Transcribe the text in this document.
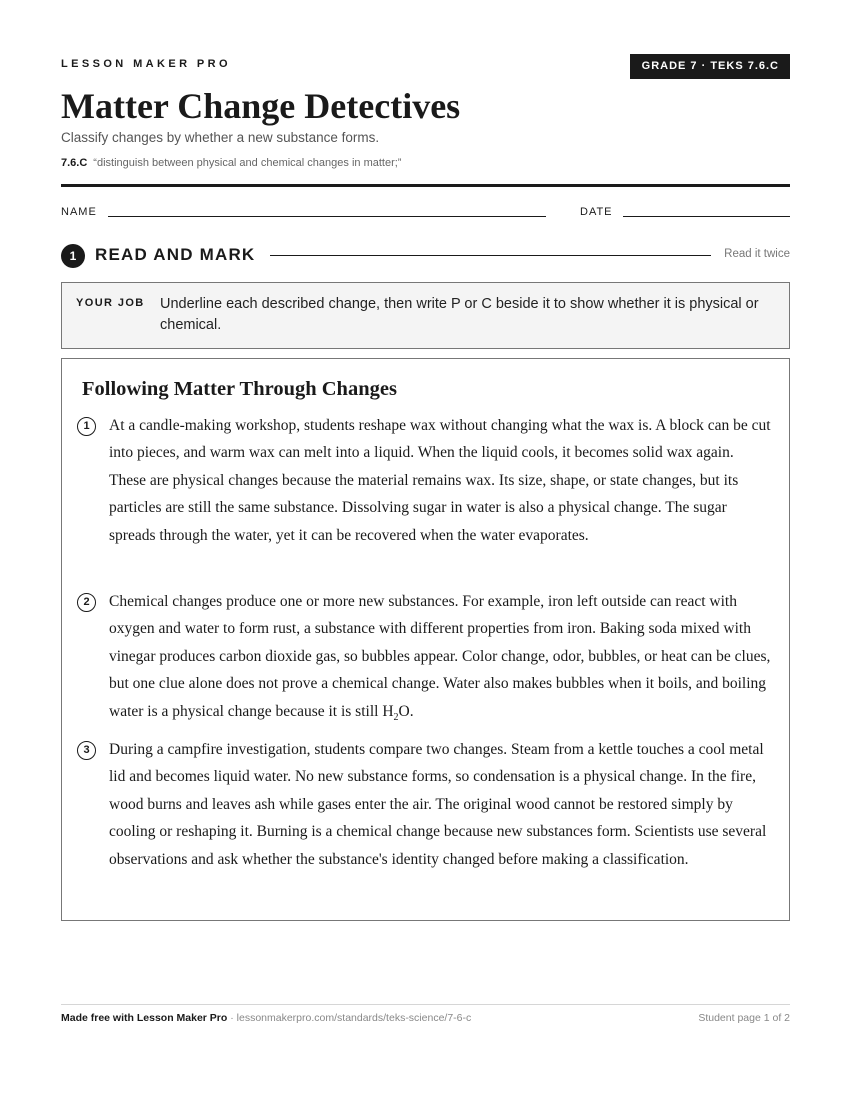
LESSON MAKER PRO	GRADE 7 · TEKS 7.6.C
Matter Change Detectives
Classify changes by whether a new substance forms.
7.6.C “distinguish between physical and chemical changes in matter;”
NAME	DATE
1	READ AND MARK	Read it twice
YOUR JOB Underline each described change, then write P or C beside it to show whether it is physical or chemical.
Following Matter Through Changes
1	At a candle-making workshop, students reshape wax without changing what the wax is. A block can be cut into pieces, and warm wax can melt into a liquid. When the liquid cools, it becomes solid wax again. These are physical changes because the material remains wax. Its size, shape, or state changes, but its particles are still the same substance. Dissolving sugar in water is also a physical change. The sugar spreads through the water, yet it can be recovered when the water evaporates.

2	Chemical changes produce one or more new substances. For example, iron left outside can react with oxygen and water to form rust, a substance with different properties from iron. Baking soda mixed with vinegar produces carbon dioxide gas, so bubbles appear. Color change, odor, bubbles, or heat can be clues, but one clue alone does not prove a chemical change. Water also makes bubbles when it boils, and boiling water is a physical change because it is still $H_2O$.

3	During a campfire investigation, students compare two changes. Steam from a kettle touches a cool metal lid and becomes liquid water. No new substance forms, so condensation is a physical change. In the fire, wood burns and leaves ash while gases enter the air. The original wood cannot be restored simply by cooling or reshaping it. Burning is a chemical change because new substances form. Scientists use several observations and ask whether the substance's identity changed before making a classification.

Made free with Lesson Maker Pro · lessonmakerpro.com/standards/teks-science/7-6-c	Student page 1 of 2
